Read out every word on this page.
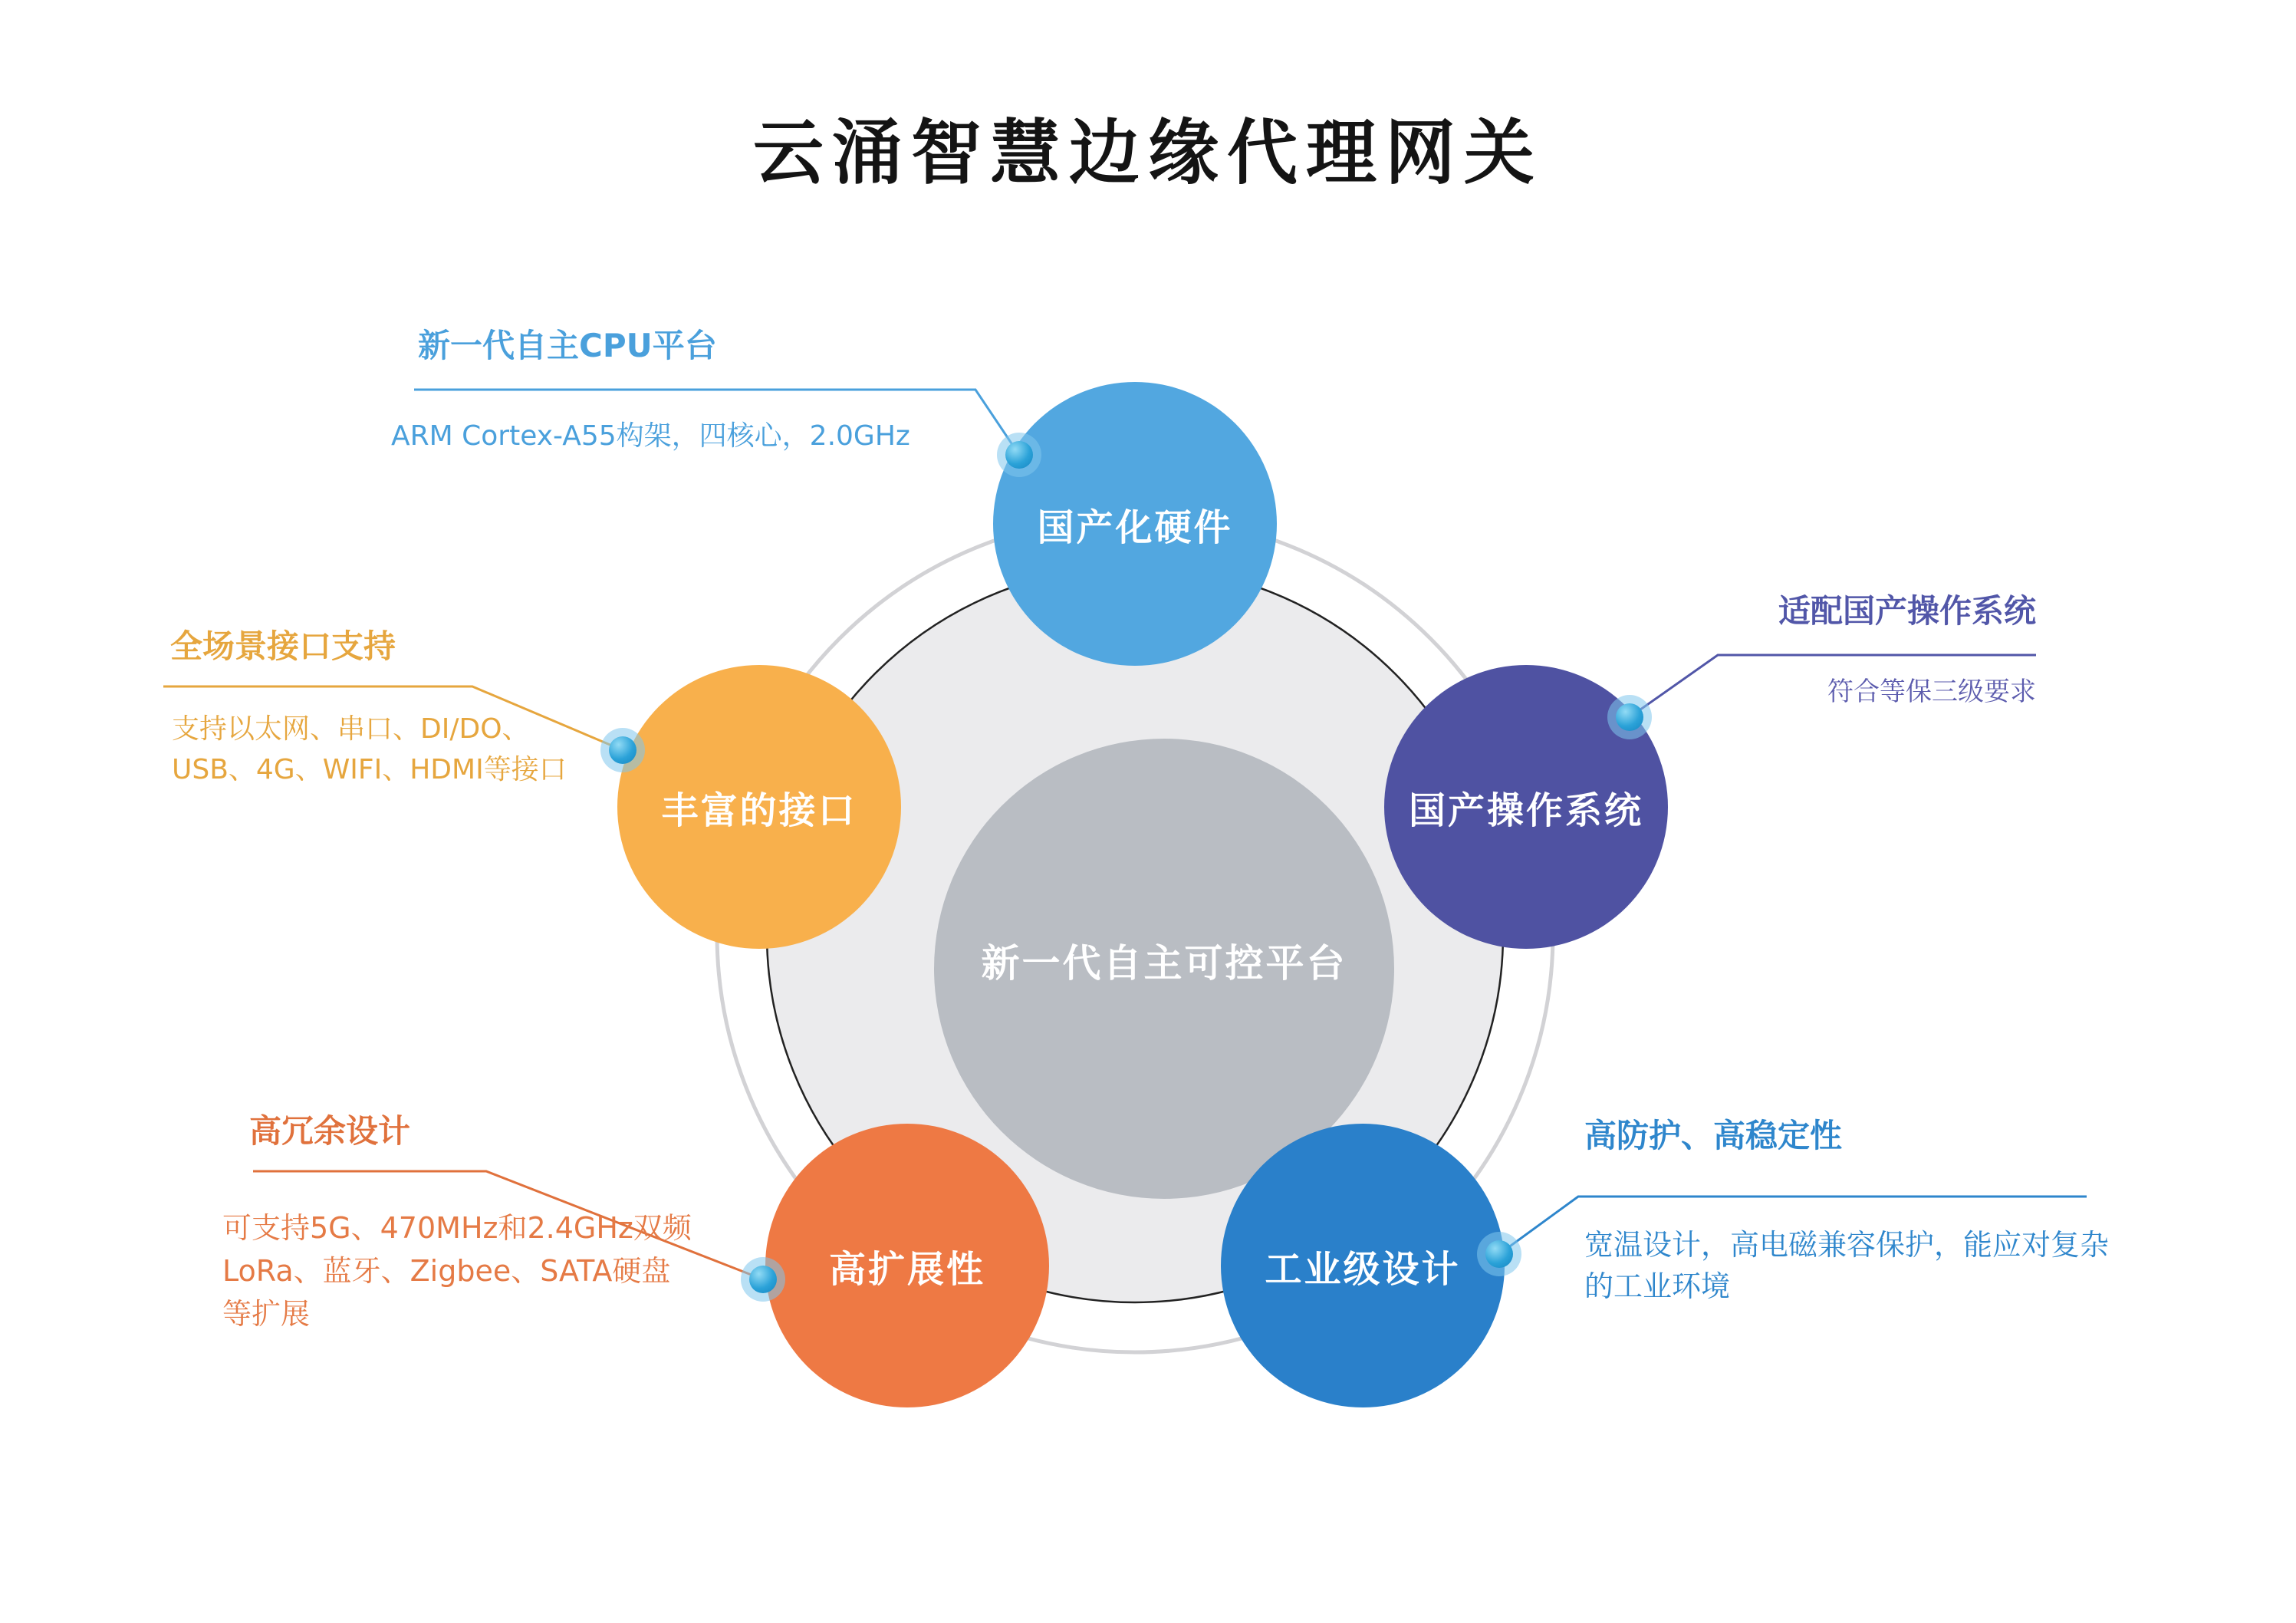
云涌智慧边缘代理网关
国产化硬件
丰富的接口	国产操作系统
高扩展性	工业级设计
新一代自主可控平台
新一代自主CPU平台
ARM Cortex-A55构架，四核心，2.0GHz
全场景接口支持
支持以太网、串口、DI/DO、
USB、4G、WIFI、HDMI等接口
适配国产操作系统
符合等保三级要求
高冗余设计
可支持5G、470MHz和2.4GHz双频
LoRa、蓝牙、Zigbee、SATA硬盘
等扩展
高防护、高稳定性
宽温设计，高电磁兼容保护，能应对复杂
的工业环境
